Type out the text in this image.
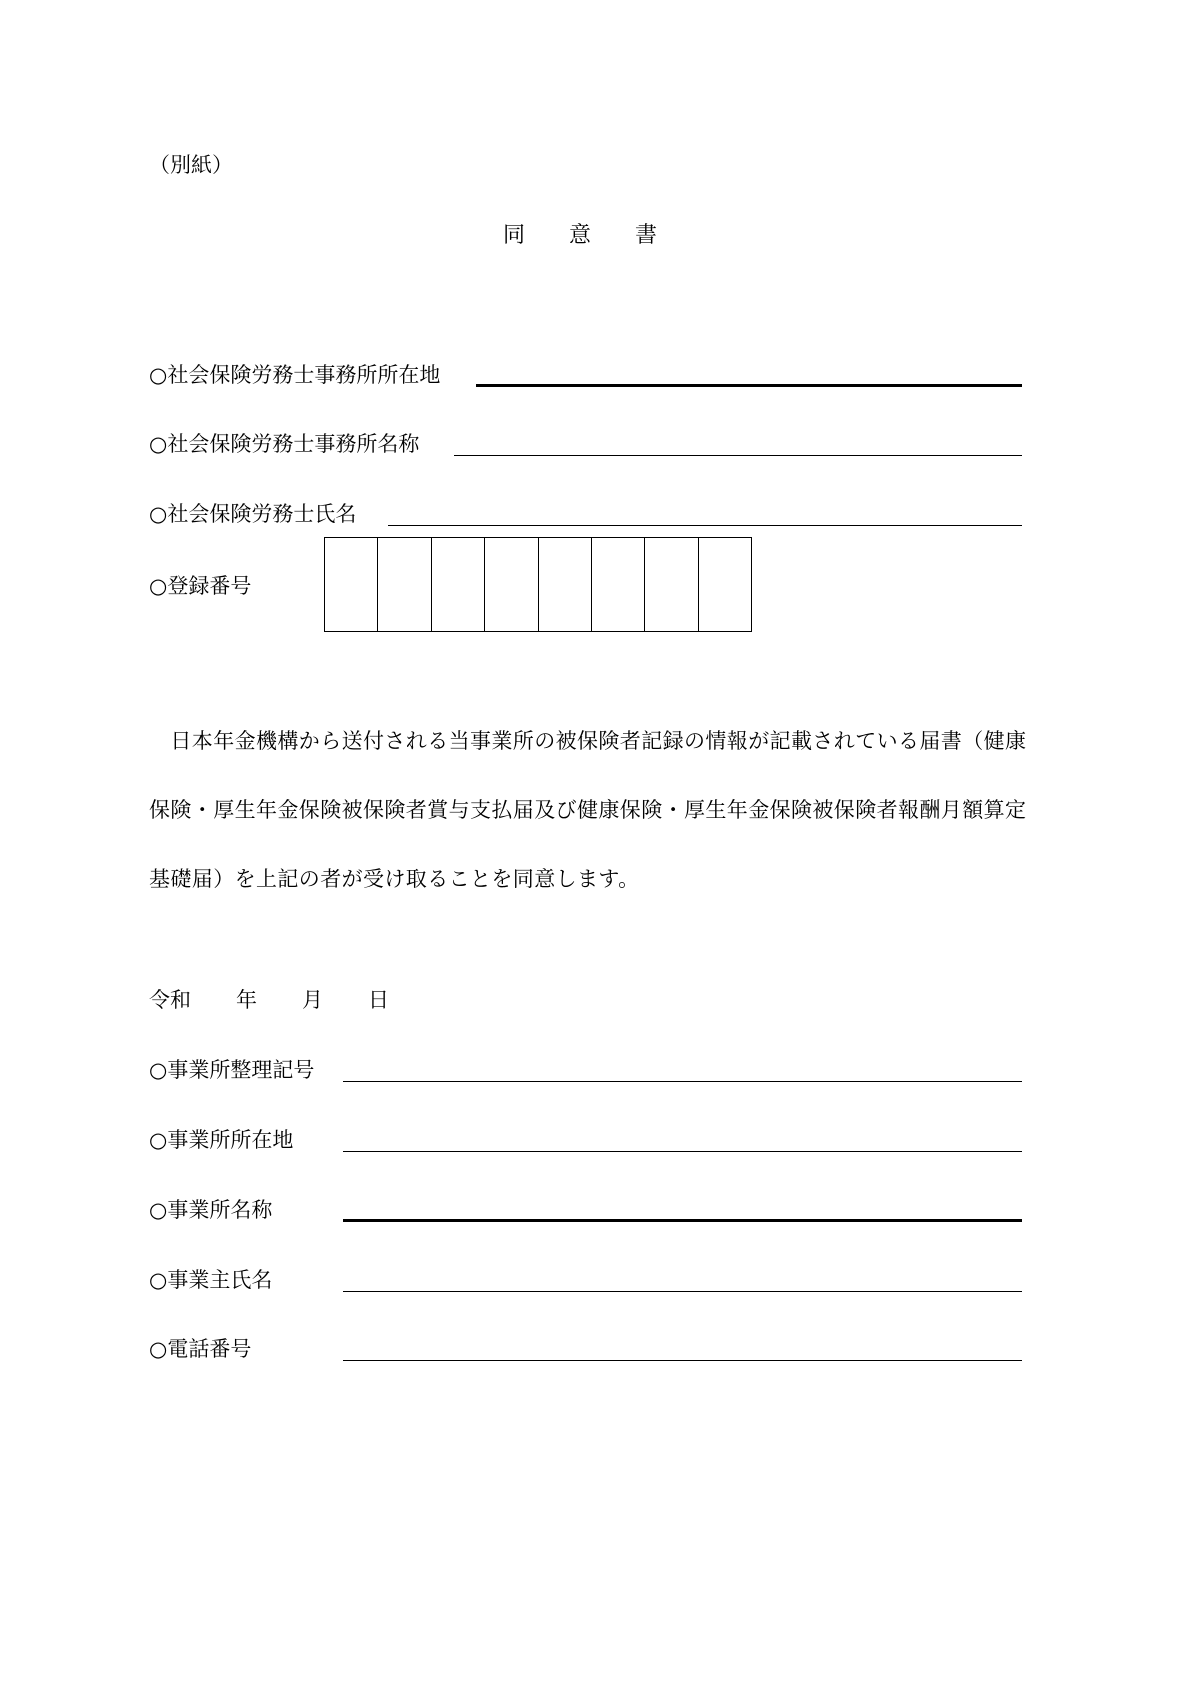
（別紙）
同　　意　　書
○社会保険労務士事務所所在地
○社会保険労務士事務所名称
○社会保険労務士氏名
○登録番号
　日本年金機構から送付される当事業所の被保険者記録の情報が記載されている届書（健康
保険・厚生年金保険被保険者賞与支払届及び健康保険・厚生年金保険被保険者報酬月額算定
基礎届）を上記の者が受け取ることを同意します。
令和 年 月 日
○事業所整理記号
○事業所所在地
○事業所名称
○事業主氏名
○電話番号
